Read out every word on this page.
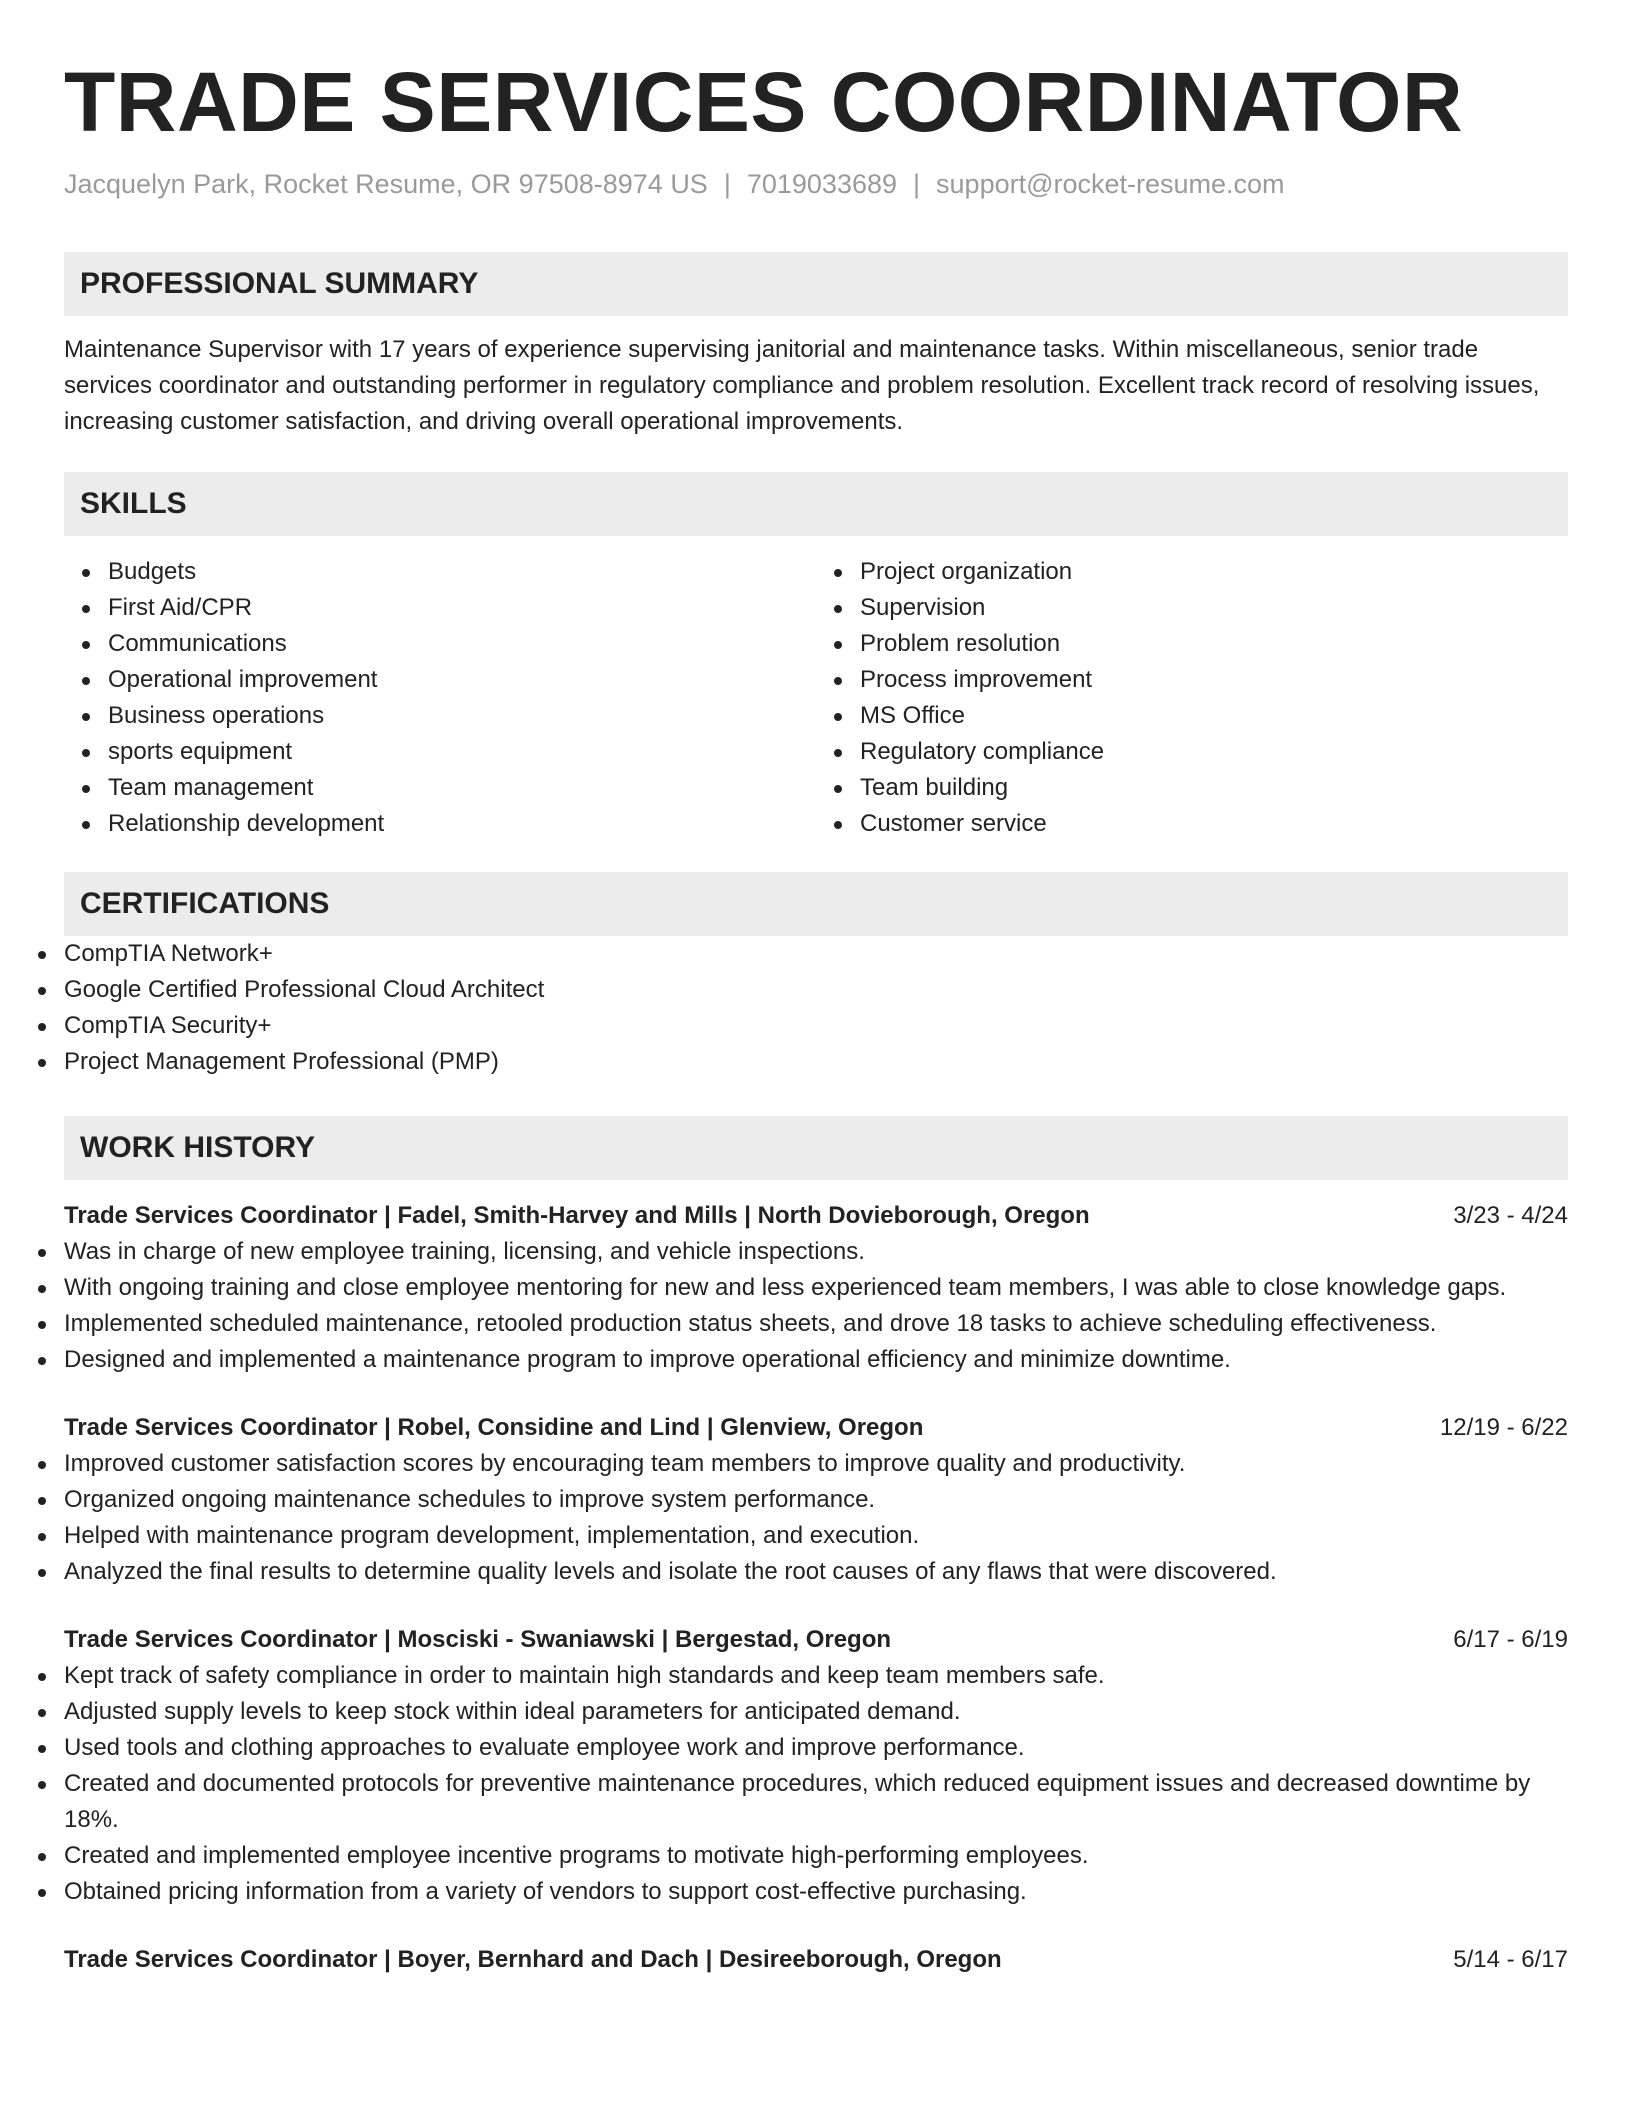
TRADE SERVICES COORDINATOR
Jacquelyn Park, Rocket Resume, OR 97508-8974 US | 7019033689 | support@rocket-resume.com
PROFESSIONAL SUMMARY

Maintenance Supervisor with 17 years of experience supervising janitorial and maintenance tasks. Within miscellaneous, senior trade services coordinator and outstanding performer in regulatory compliance and problem resolution. Excellent track record of resolving issues, increasing customer satisfaction, and driving overall operational improvements.

SKILLS
Budgets
First Aid/CPR
Communications
Operational improvement
Business operations
sports equipment
Team management
Relationship development
Project organization
Supervision
Problem resolution
Process improvement
MS Office
Regulatory compliance
Team building
Customer service
CERTIFICATIONS
CompTIA Network+
Google Certified Professional Cloud Architect
CompTIA Security+
Project Management Professional (PMP)
WORK HISTORY
Trade Services Coordinator | Fadel, Smith-Harvey and Mills | North Dovieborough, Oregon	3/23 - 4/24
Was in charge of new employee training, licensing, and vehicle inspections.
With ongoing training and close employee mentoring for new and less experienced team members, I was able to close knowledge gaps.
Implemented scheduled maintenance, retooled production status sheets, and drove 18 tasks to achieve scheduling effectiveness.
Designed and implemented a maintenance program to improve operational efficiency and minimize downtime.
Trade Services Coordinator | Robel, Considine and Lind | Glenview, Oregon	12/19 - 6/22
Improved customer satisfaction scores by encouraging team members to improve quality and productivity.
Organized ongoing maintenance schedules to improve system performance.
Helped with maintenance program development, implementation, and execution.
Analyzed the final results to determine quality levels and isolate the root causes of any flaws that were discovered.
Trade Services Coordinator | Mosciski - Swaniawski | Bergestad, Oregon	6/17 - 6/19
Kept track of safety compliance in order to maintain high standards and keep team members safe.
Adjusted supply levels to keep stock within ideal parameters for anticipated demand.
Used tools and clothing approaches to evaluate employee work and improve performance.
Created and documented protocols for preventive maintenance procedures, which reduced equipment issues and decreased downtime by 18%.
Created and implemented employee incentive programs to motivate high-performing employees.
Obtained pricing information from a variety of vendors to support cost-effective purchasing.
Trade Services Coordinator | Boyer, Bernhard and Dach | Desireeborough, Oregon	5/14 - 6/17
